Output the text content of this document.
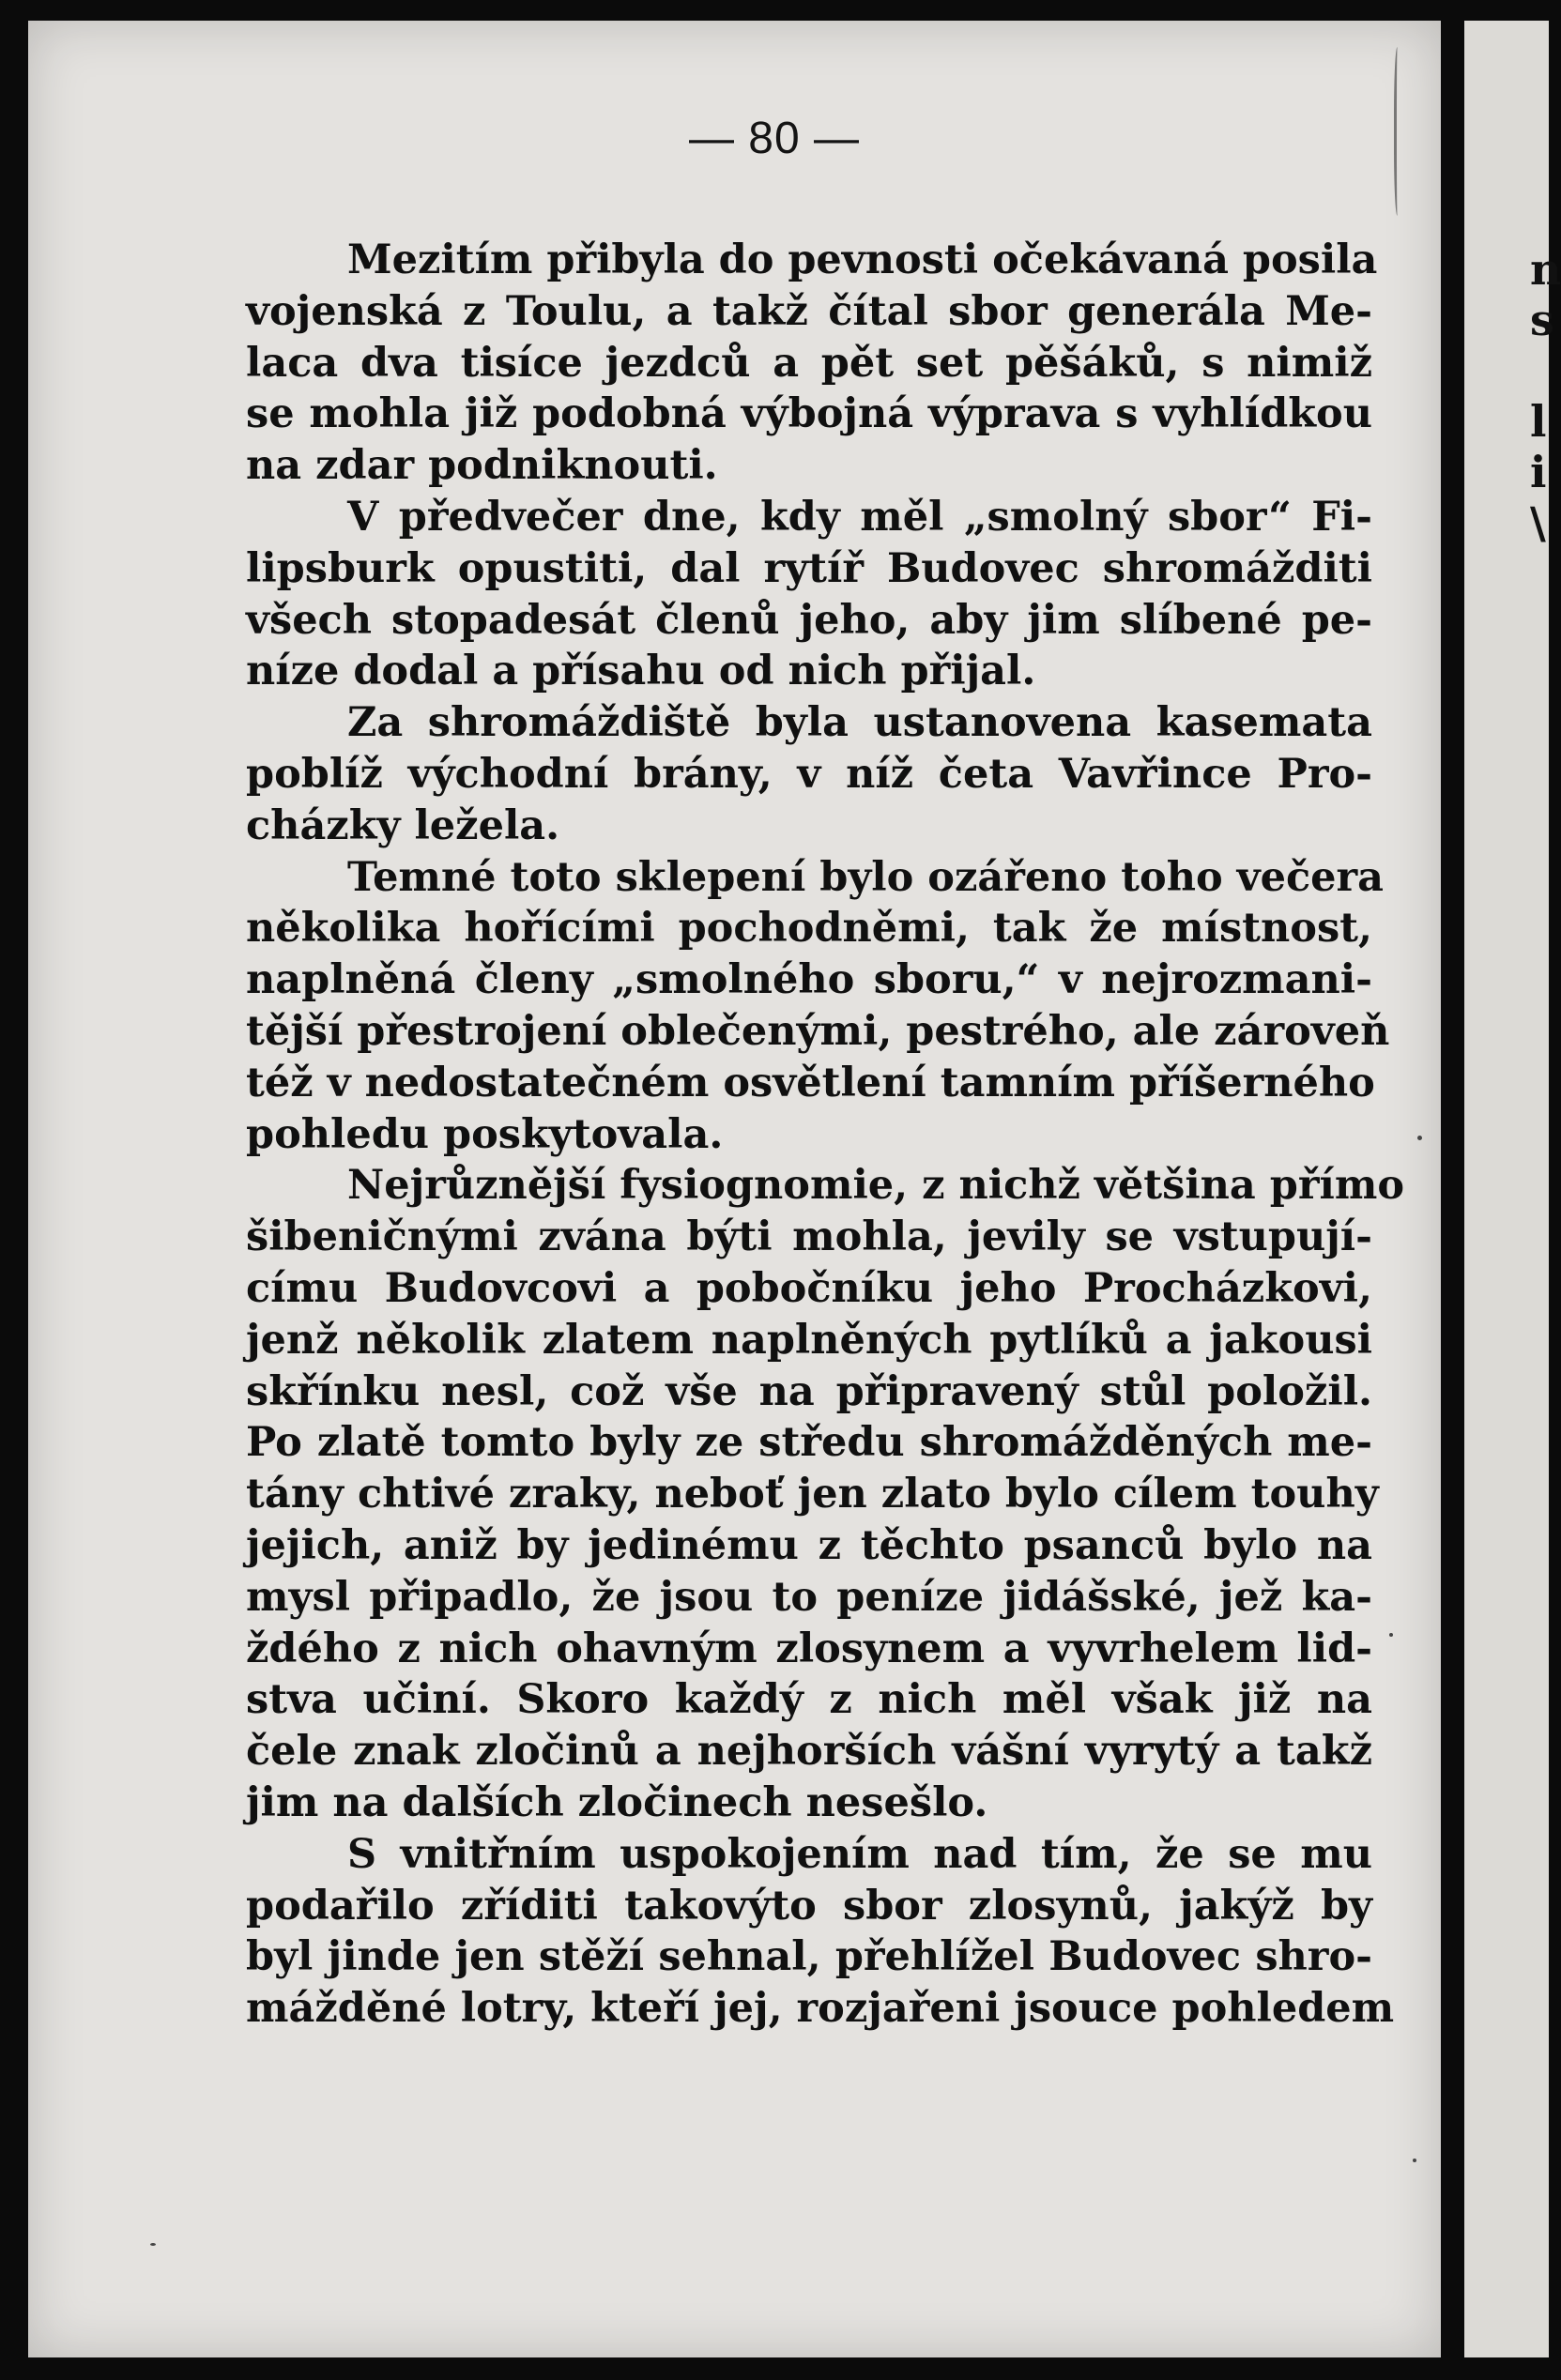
n
s
l
i
\
— 80 —
Mezitím přibyla do pevnosti očekávaná posila
vojenská z Toulu, a takž čítal sbor generála Me-
laca dva tisíce jezdců a pět set pěšáků, s nimiž
se mohla již podobná výbojná výprava s vyhlídkou
na zdar podniknouti.
V předvečer dne, kdy měl „smolný sbor“ Fi-
lipsburk opustiti, dal rytíř Budovec shromážditi
všech stopadesát členů jeho, aby jim slíbené pe-
níze dodal a přísahu od nich přijal.
Za shromáždiště byla ustanovena kasemata
poblíž východní brány, v níž četa Vavřince Pro-
cházky ležela.
Temné toto sklepení bylo ozářeno toho večera
několika hořícími pochodněmi, tak že místnost,
naplněná členy „smolného sboru,“ v nejrozmani-
tější přestrojení oblečenými, pestrého, ale zároveň
též v nedostatečném osvětlení tamním příšerného
pohledu poskytovala.
Nejrůznější fysiognomie, z nichž většina přímo
šibeničnými zvána býti mohla, jevily se vstupují-
címu Budovcovi a pobočníku jeho Procházkovi,
jenž několik zlatem naplněných pytlíků a jakousi
skřínku nesl, což vše na připravený stůl položil.
Po zlatě tomto byly ze středu shromážděných me-
tány chtivé zraky, neboť jen zlato bylo cílem touhy
jejich, aniž by jedinému z těchto psanců bylo na
mysl připadlo, že jsou to peníze jidášské, jež ka-
ždého z nich ohavným zlosynem a vyvrhelem lid-
stva učiní. Skoro každý z nich měl však již na
čele znak zločinů a nejhorších vášní vyrytý a takž
jim na dalších zločinech nesešlo.
S vnitřním uspokojením nad tím, že se mu
podařilo zříditi takovýto sbor zlosynů, jakýž by
byl jinde jen stěží sehnal, přehlížel Budovec shro-
mážděné lotry, kteří jej, rozjařeni jsouce pohledem
